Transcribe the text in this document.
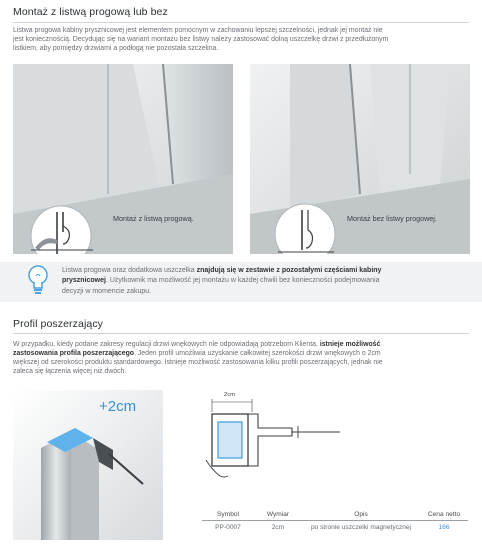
Montaż z listwą progową lub bez
Listwa progowa kabiny prysznicowej jest elementem pomocnym w zachowaniu lepszej szczelności, jednak jej montaż nie
jest koniecznością. Decydując się na wariant montażu bez listwy należy zastosować dolną uszczelkę drzwi z przedłużonym
listkiem, aby pomiędzy drzwiami a podłogą nie pozostała szczelina.
Montaż z listwą progową.	Montaż bez listwy progowej.
Listwa progowa oraz dodatkowa uszczelka znajdują się w zestawie z pozostałymi częściami kabiny
prysznicowej. Użytkownik ma możliwość jej montażu w każdej chwili bez konieczności podejmowania
decyzji w momencie zakupu.
Profil poszerzający
W przypadku, kiedy podane zakresy regulacji drzwi wnękowych nie odpowiadają potrzebom Klienta, istnieje możliwość
zastosowania profila poszerzającego. Jeden profil umożliwia uzyskanie całkowitej szerokości drzwi wnękowych o 2cm
większej od szerokości produktu standardowego. Istnieje możliwość zastosowania kilku profili poszerzających, jednak nie
zaleca się łączenia więcej niż dwóch.
+2cm
2cm
Symbol	Wymiar	Opis	Cena netto
PP-0007	2cm	po stronie uszczelki magnetycznej	166
